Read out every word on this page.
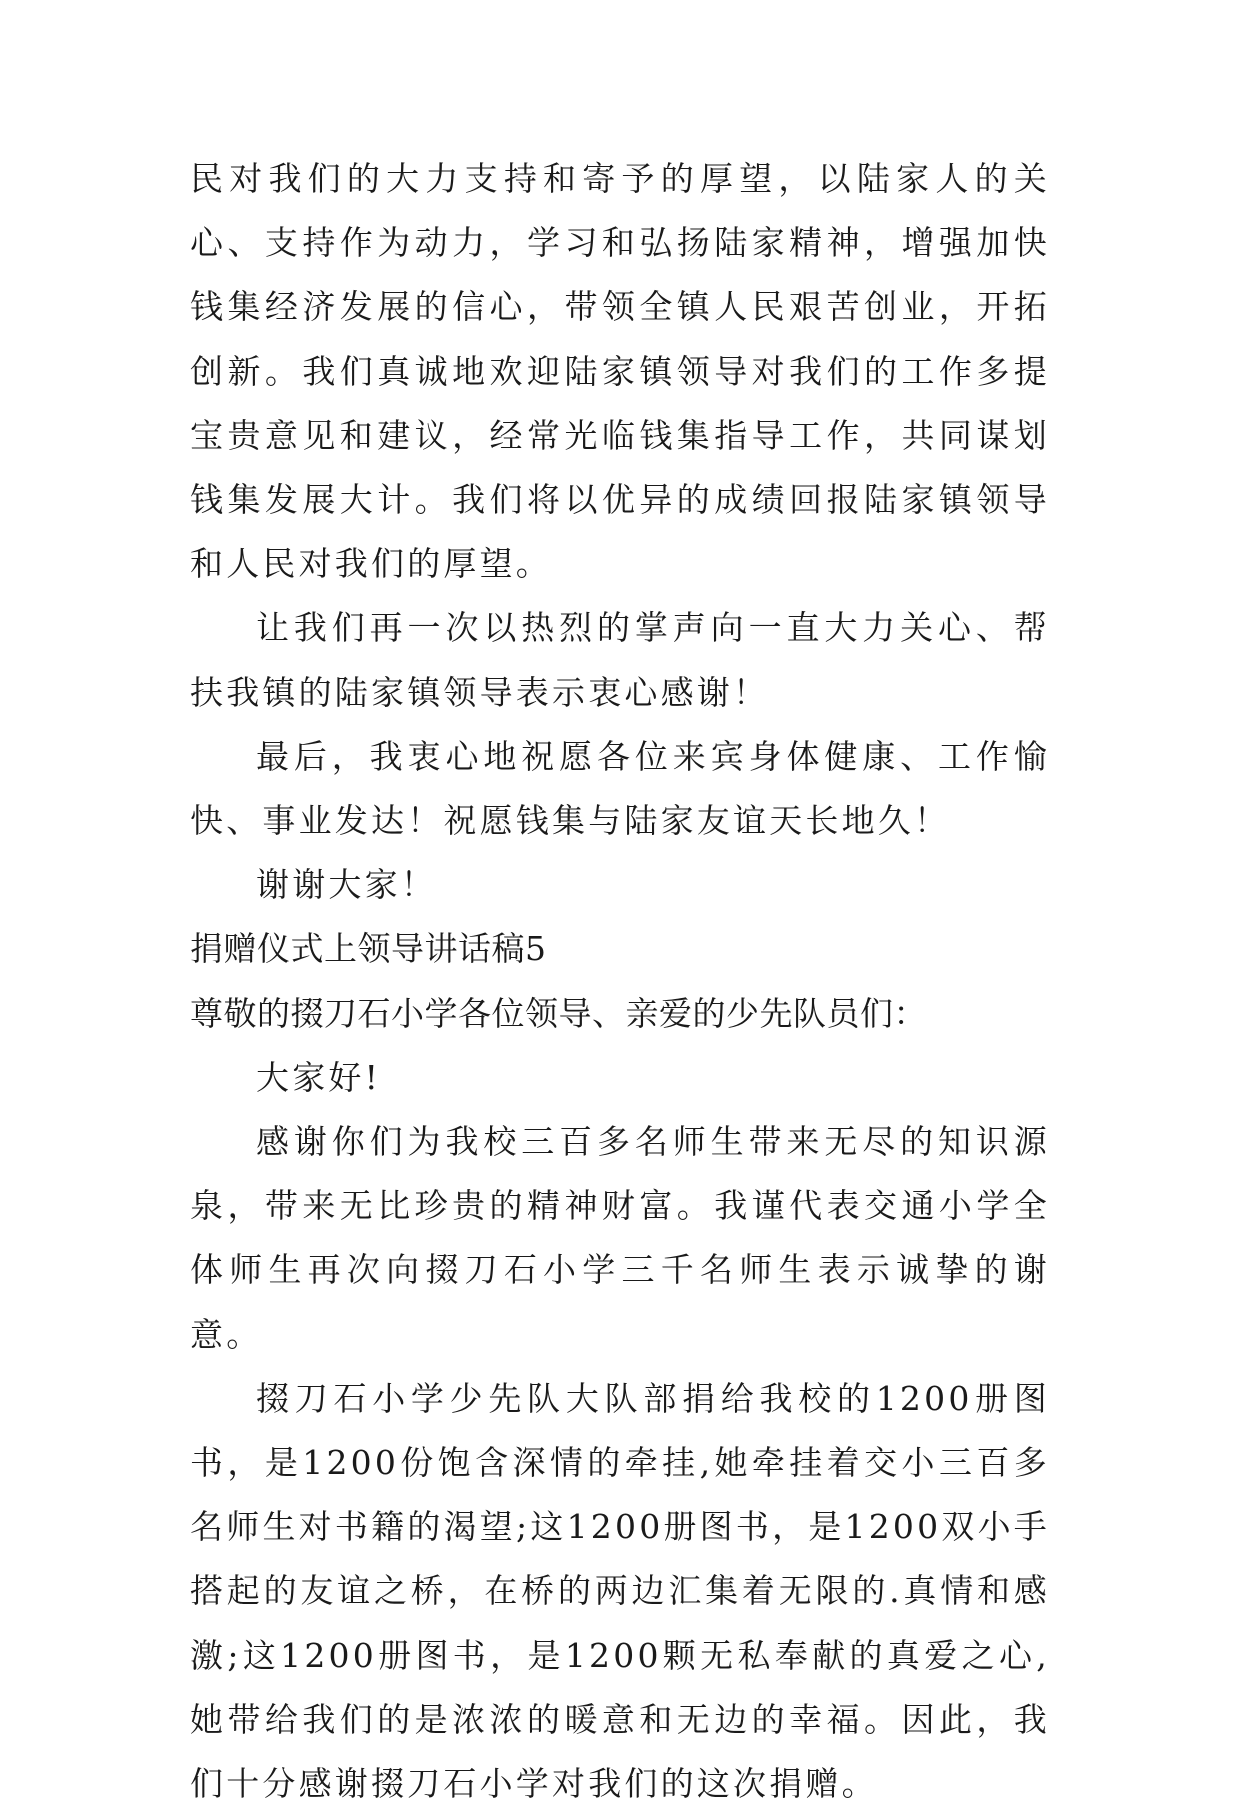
民对我们的大力支持和寄予的厚望，以陆家人的关心、支持作为动力，学习和弘扬陆家精神，增强加快钱集经济发展的信心，带领全镇人民艰苦创业，开拓创新。我们真诚地欢迎陆家镇领导对我们的工作多提宝贵意见和建议，经常光临钱集指导工作，共同谋划钱集发展大计。我们将以优异的成绩回报陆家镇领导和人民对我们的厚望。

让我们再一次以热烈的掌声向一直大力关心、帮扶我镇的陆家镇领导表示衷心感谢！

最后，我衷心地祝愿各位来宾身体健康、工作愉快、事业发达！祝愿钱集与陆家友谊天长地久！

谢谢大家！

捐赠仪式上领导讲话稿5

尊敬的掇刀石小学各位领导、亲爱的少先队员们：

大家好!

感谢你们为我校三百多名师生带来无尽的知识源泉，带来无比珍贵的精神财富。我谨代表交通小学全体师生再次向掇刀石小学三千名师生表示诚挚的谢意。

掇刀石小学少先队大队部捐给我校的1200册图书，是1200份饱含深情的牵挂,她牵挂着交小三百多名师生对书籍的渴望;这1200册图书，是1200双小手搭起的友谊之桥，在桥的两边汇集着无限的.真情和感激;这1200册图书，是1200颗无私奉献的真爱之心,她带给我们的是浓浓的暖意和无边的幸福。因此，我们十分感谢掇刀石小学对我们的这次捐赠。
